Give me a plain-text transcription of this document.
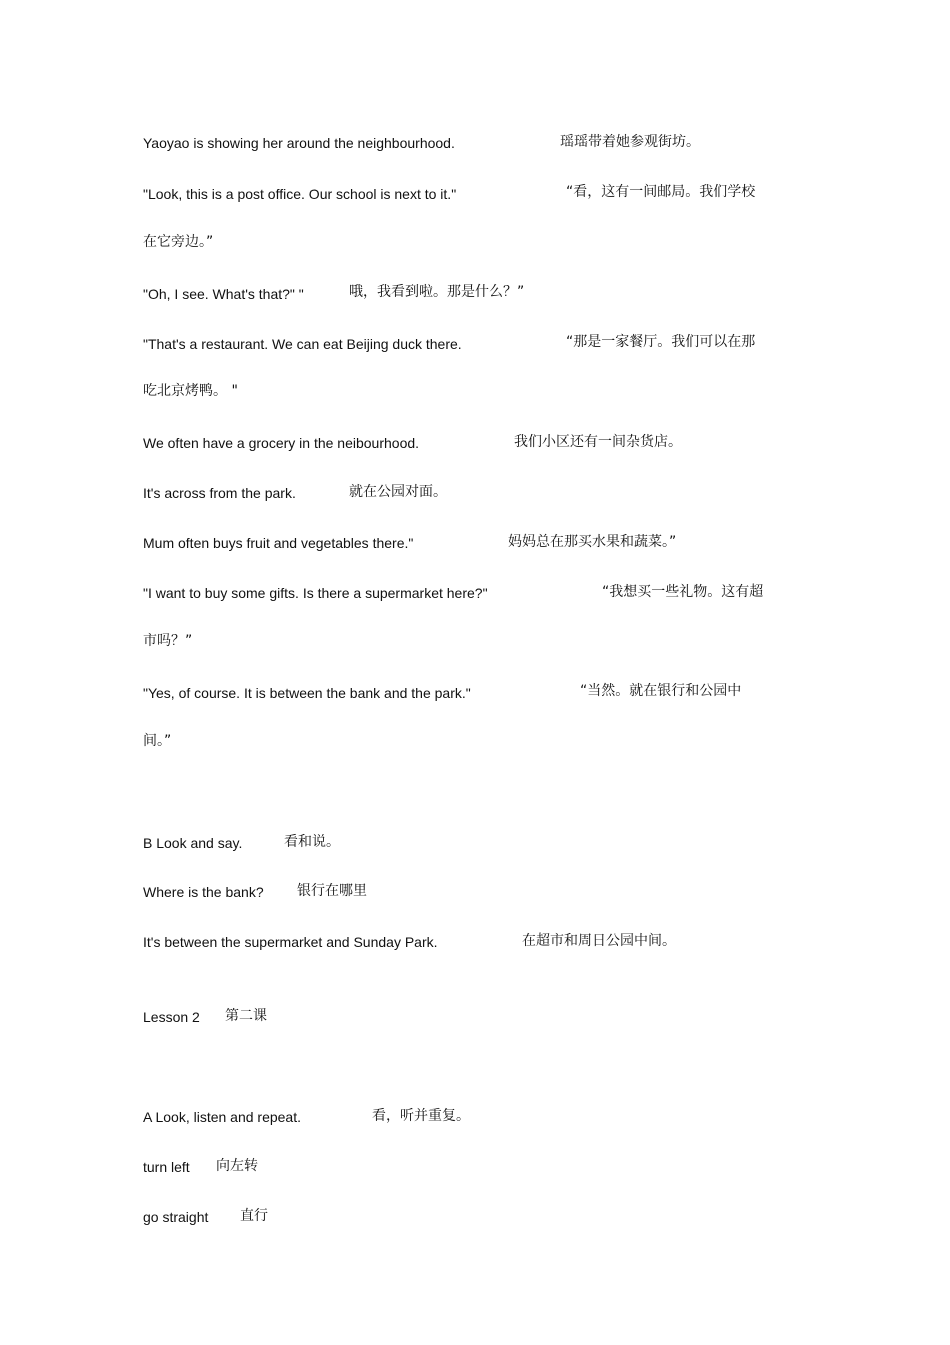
Yaoyao is showing her around the neighbourhood.	瑶瑶带着她参观街坊。
"Look, this is a post office. Our school is next to it."	“看，这有一间邮局。我们学校
在它旁边。”
"Oh, I see. What's that?" "	哦，我看到啦。那是什么？”
"That's a restaurant. We can eat Beijing duck there.	“那是一家餐厅。我们可以在那
吃北京烤鸭。 "
We often have a grocery in the neibourhood.	我们小区还有一间杂货店。
It's across from the park.	就在公园对面。
Mum often buys fruit and vegetables there."	妈妈总在那买水果和蔬菜。”
"I want to buy some gifts. Is there a supermarket here?"	“我想买一些礼物。这有超
市吗？”
"Yes, of course. It is between the bank and the park."	“当然。就在银行和公园中
间。”
B Look and say.	看和说。
Where is the bank? 银行在哪里
It's between the supermarket and Sunday Park.	在超市和周日公园中间。
Lesson 2 第二课
A Look, listen and repeat.	看，听并重复。
turn left 向左转
go straight 直行
